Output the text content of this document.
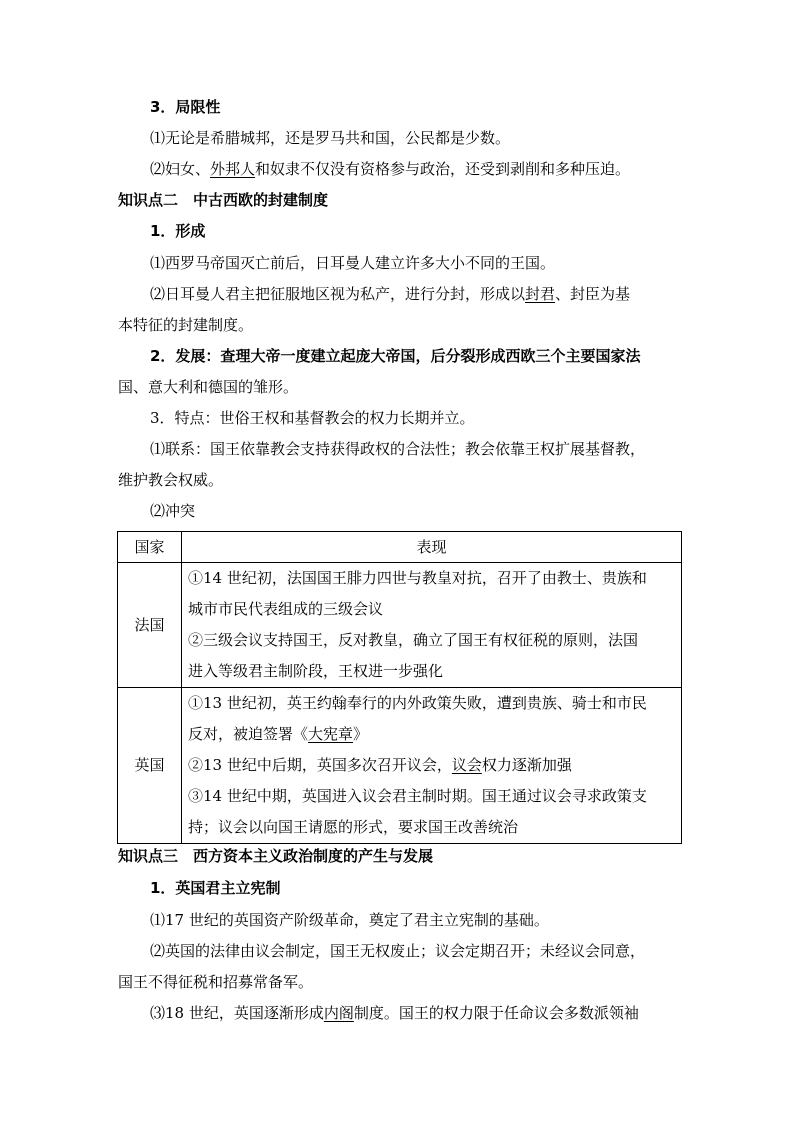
3．局限性
⑴无论是希腊城邦，还是罗马共和国，公民都是少数。
⑵妇女、外邦人和奴隶不仅没有资格参与政治，还受到剥削和多种压迫。
知识点二　中古西欧的封建制度
1．形成
⑴西罗马帝国灭亡前后，日耳曼人建立许多大小不同的王国。
⑵日耳曼人君主把征服地区视为私产，进行分封，形成以封君、封臣为基
本特征的封建制度。
2．发展：查理大帝一度建立起庞大帝国，后分裂形成西欧三个主要国家法
国、意大利和德国的雏形。
3．特点：世俗王权和基督教会的权力长期并立。
⑴联系：国王依靠教会支持获得政权的合法性；教会依靠王权扩展基督教，
维护教会权威。
⑵冲突
国家	表现
法国	①14 世纪初，法国国王腓力四世与教皇对抗，召开了由教士、贵族和
城市市民代表组成的三级会议
②三级会议支持国王，反对教皇，确立了国王有权征税的原则，法国
进入等级君主制阶段，王权进一步强化

英国	①13 世纪初，英王约翰奉行的内外政策失败，遭到贵族、骑士和市民
反对，被迫签署《大宪章》
②13 世纪中后期，英国多次召开议会，议会权力逐渐加强
③14 世纪中期，英国进入议会君主制时期。国王通过议会寻求政策支
持；议会以向国王请愿的形式，要求国王改善统治
知识点三　西方资本主义政治制度的产生与发展
1．英国君主立宪制
⑴17 世纪的英国资产阶级革命，奠定了君主立宪制的基础。
⑵英国的法律由议会制定，国王无权废止；议会定期召开；未经议会同意，
国王不得征税和招募常备军。
⑶18 世纪，英国逐渐形成内阁制度。国王的权力限于任命议会多数派领袖
